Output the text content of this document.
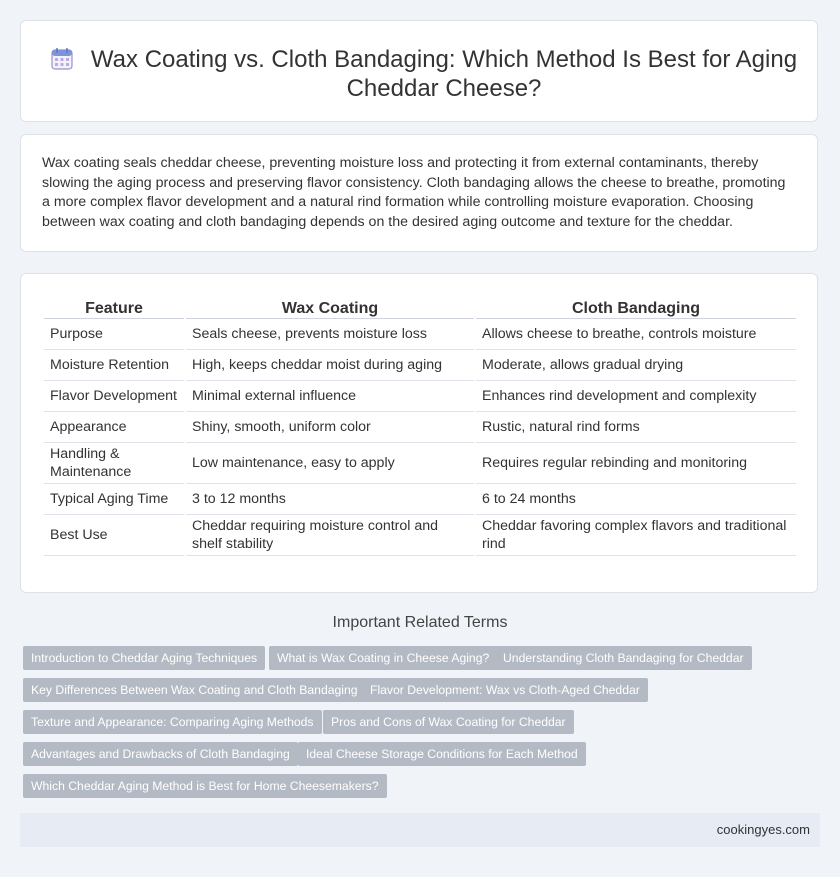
Wax Coating vs. Cloth Bandaging: Which Method Is Best for Aging Cheddar Cheese?

Wax coating seals cheddar cheese, preventing moisture loss and protecting it from external contaminants, thereby slowing the aging process and preserving flavor consistency. Cloth bandaging allows the cheese to breathe, promoting a more complex flavor development and a natural rind formation while controlling moisture evaporation. Choosing between wax coating and cloth bandaging depends on the desired aging outcome and texture for the cheddar.

Feature	Wax Coating	Cloth Bandaging
Purpose	Seals cheese, prevents moisture loss	Allows cheese to breathe, controls moisture
Moisture Retention	High, keeps cheddar moist during aging	Moderate, allows gradual drying
Flavor Development	Minimal external influence	Enhances rind development and complexity
Appearance	Shiny, smooth, uniform color	Rustic, natural rind forms
Handling & Maintenance	Low maintenance, easy to apply	Requires regular rebinding and monitoring
Typical Aging Time	3 to 12 months	6 to 24 months
Best Use	Cheddar requiring moisture control and shelf stability	Cheddar favoring complex flavors and traditional rind
Important Related Terms
Introduction to Cheddar Aging Techniques	What is Wax Coating in Cheese Aging?	Understanding Cloth Bandaging for Cheddar
Key Differences Between Wax Coating and Cloth Bandaging	Flavor Development: Wax vs Cloth-Aged Cheddar
Texture and Appearance: Comparing Aging Methods	Pros and Cons of Wax Coating for Cheddar
Advantages and Drawbacks of Cloth Bandaging	Ideal Cheese Storage Conditions for Each Method
Which Cheddar Aging Method is Best for Home Cheesemakers?
cookingyes.com
